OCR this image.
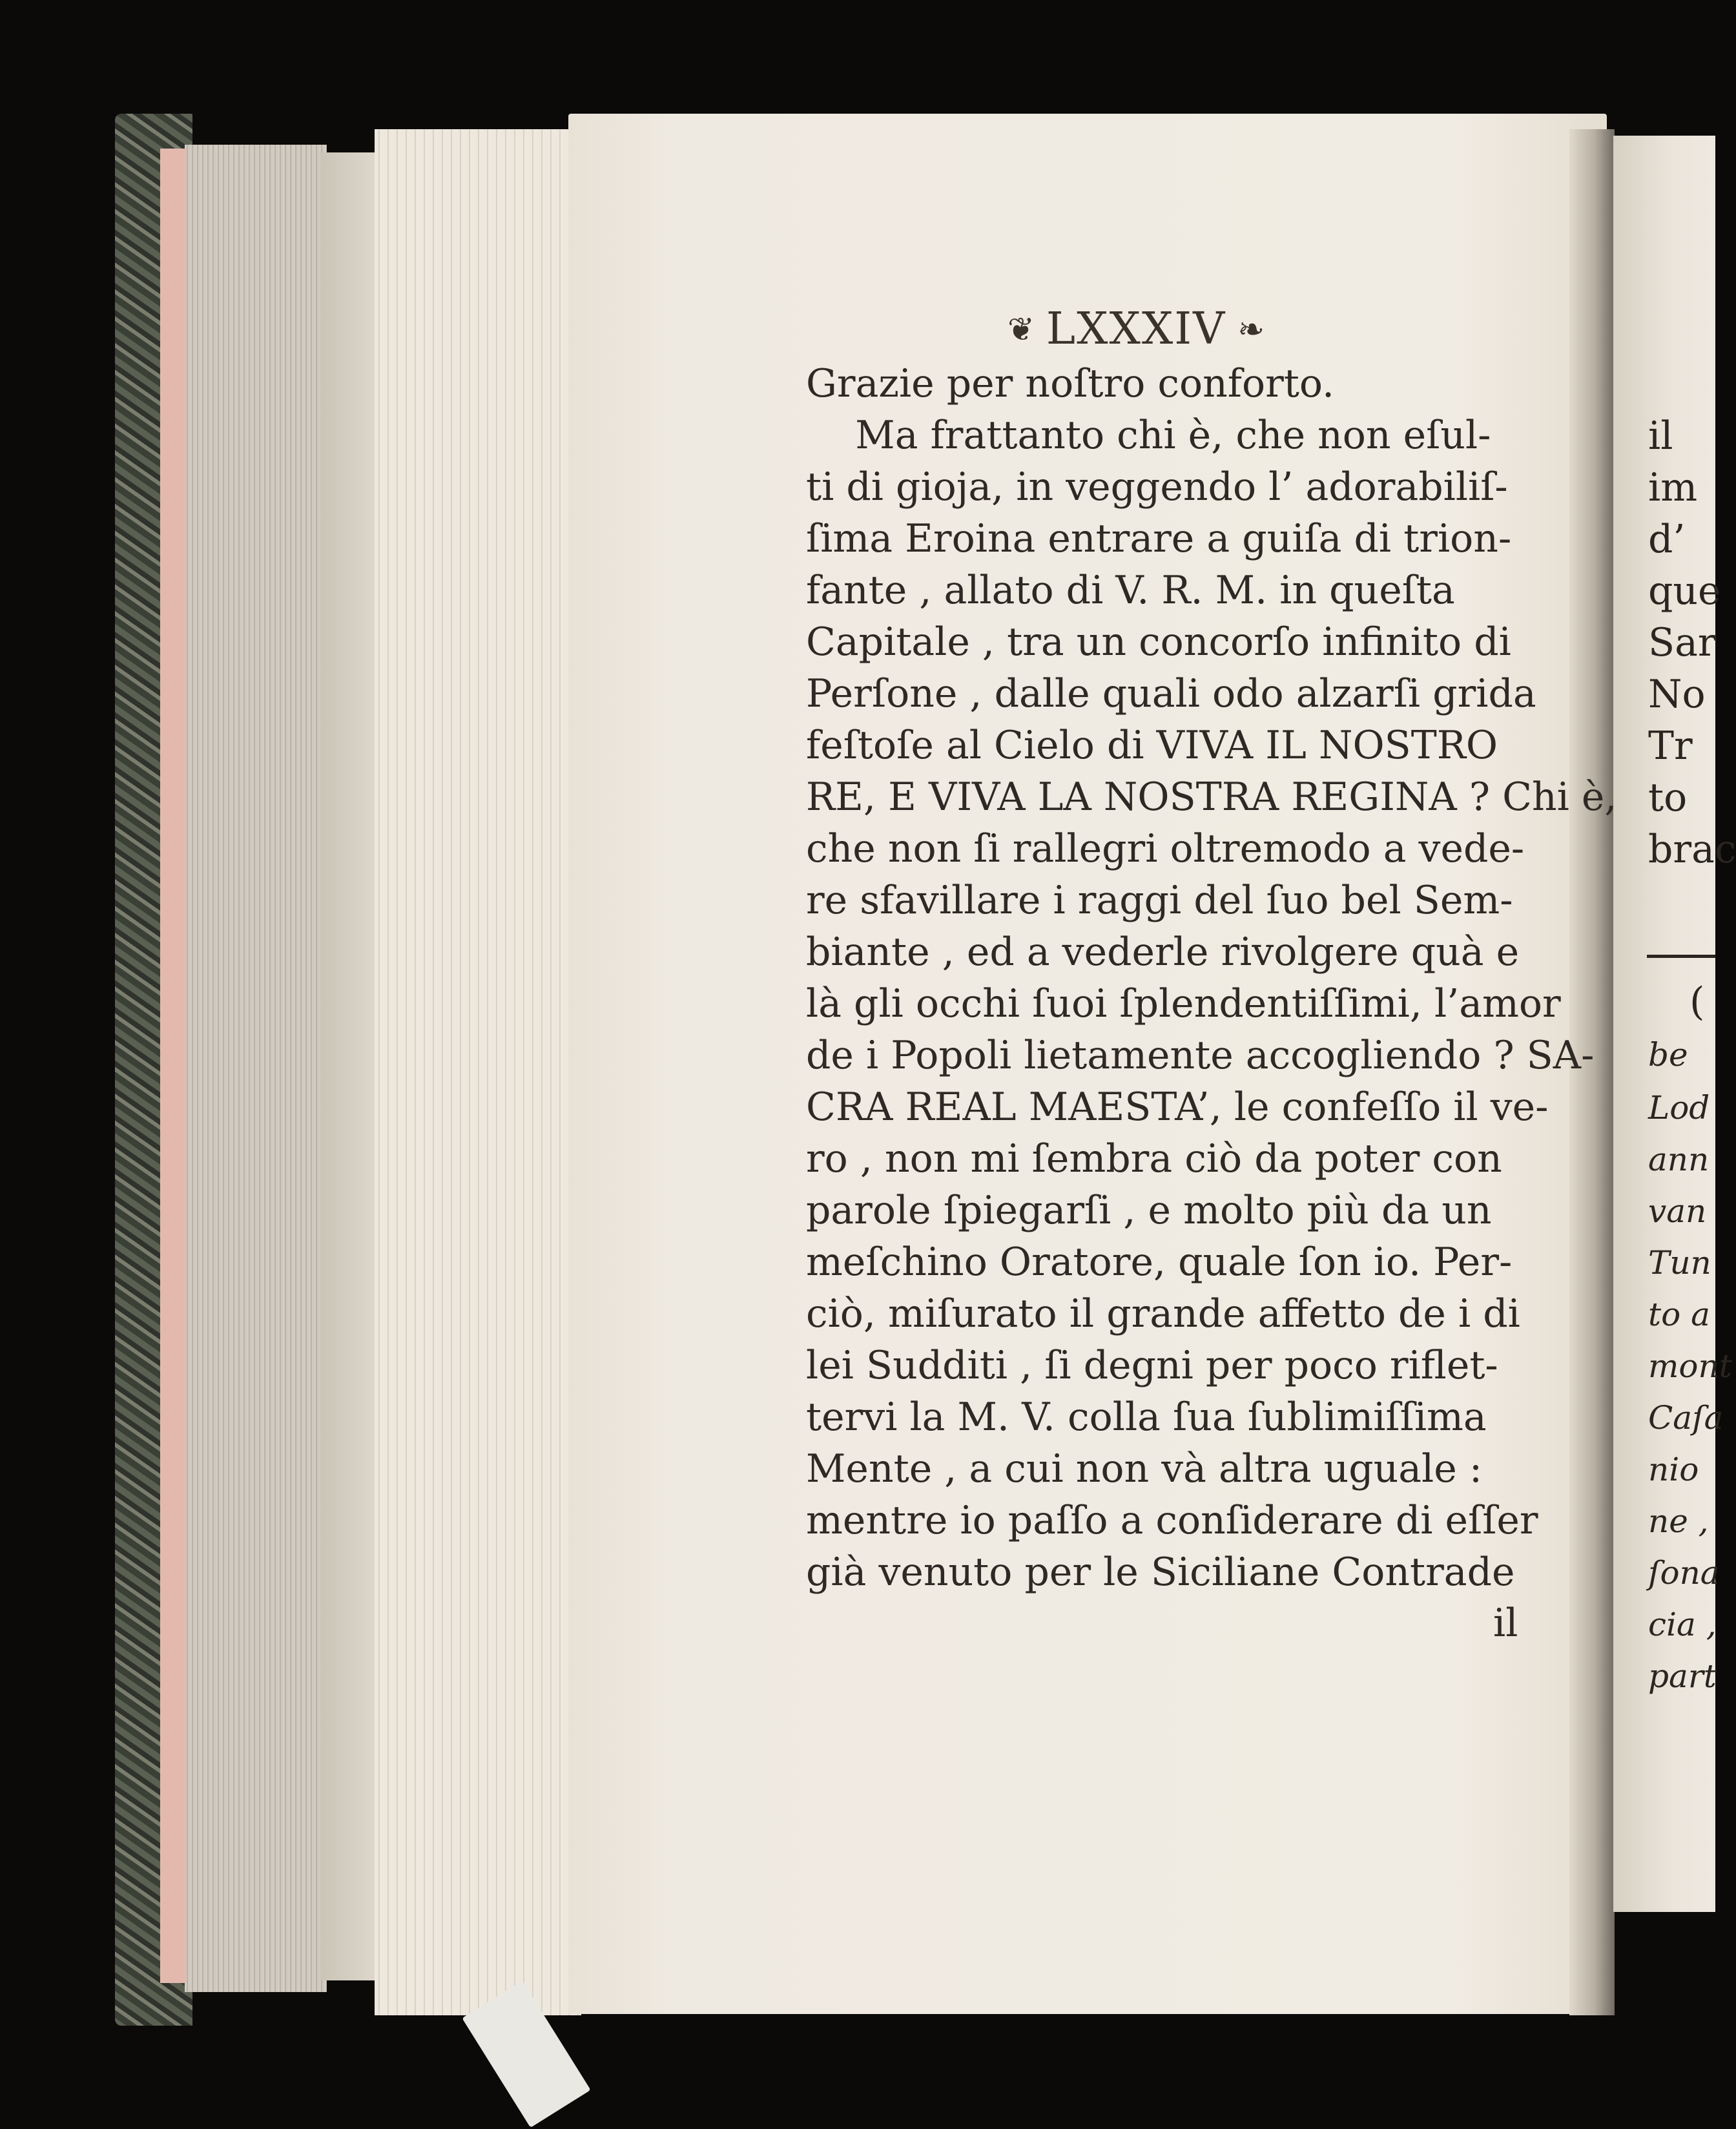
❦ LXXXIV ❧
Grazie per noſtro conforto.
Ma frattanto chi è, che non eſul-
ti di gioja, in veggendo l’ adorabiliſ-
ſima Eroina entrare a guiſa di trion-
fante , allato di V. R. M. in queſta
Capitale , tra un concorſo infinito di
Perſone , dalle quali odo alzarſi grida
feſtoſe al Cielo di VIVA IL NOSTRO
RE, E VIVA LA NOSTRA REGINA ? Chi è,
che non ſi rallegri oltremodo a vede-
re sfavillare i raggi del ſuo bel Sem-
biante , ed a vederle rivolgere quà e
là gli occhi ſuoi ſplendentiſſimi, l’amor
de i Popoli lietamente accogliendo ? SA-
CRA REAL MAESTA’, le confeſſo il ve-
ro , non mi ſembra ciò da poter con
parole ſpiegarſi , e molto più da un
meſchino Oratore, quale ſon io. Per-
ciò, miſurato il grande affetto de i di
lei Sudditi , ſi degni per poco riflet-
tervi la M. V. colla ſua ſublimiſſima
Mente , a cui non và altra uguale :
mentre io paſſo a conſiderare di eſſer
già venuto per le Siciliane Contrade
il
il
im
d’
que
Sar
No
Tr
to
brac
(
be
Lod
ann
van
Tun
to a
mont
Caſa
nio
ne ,
ſona
cia ,
part
